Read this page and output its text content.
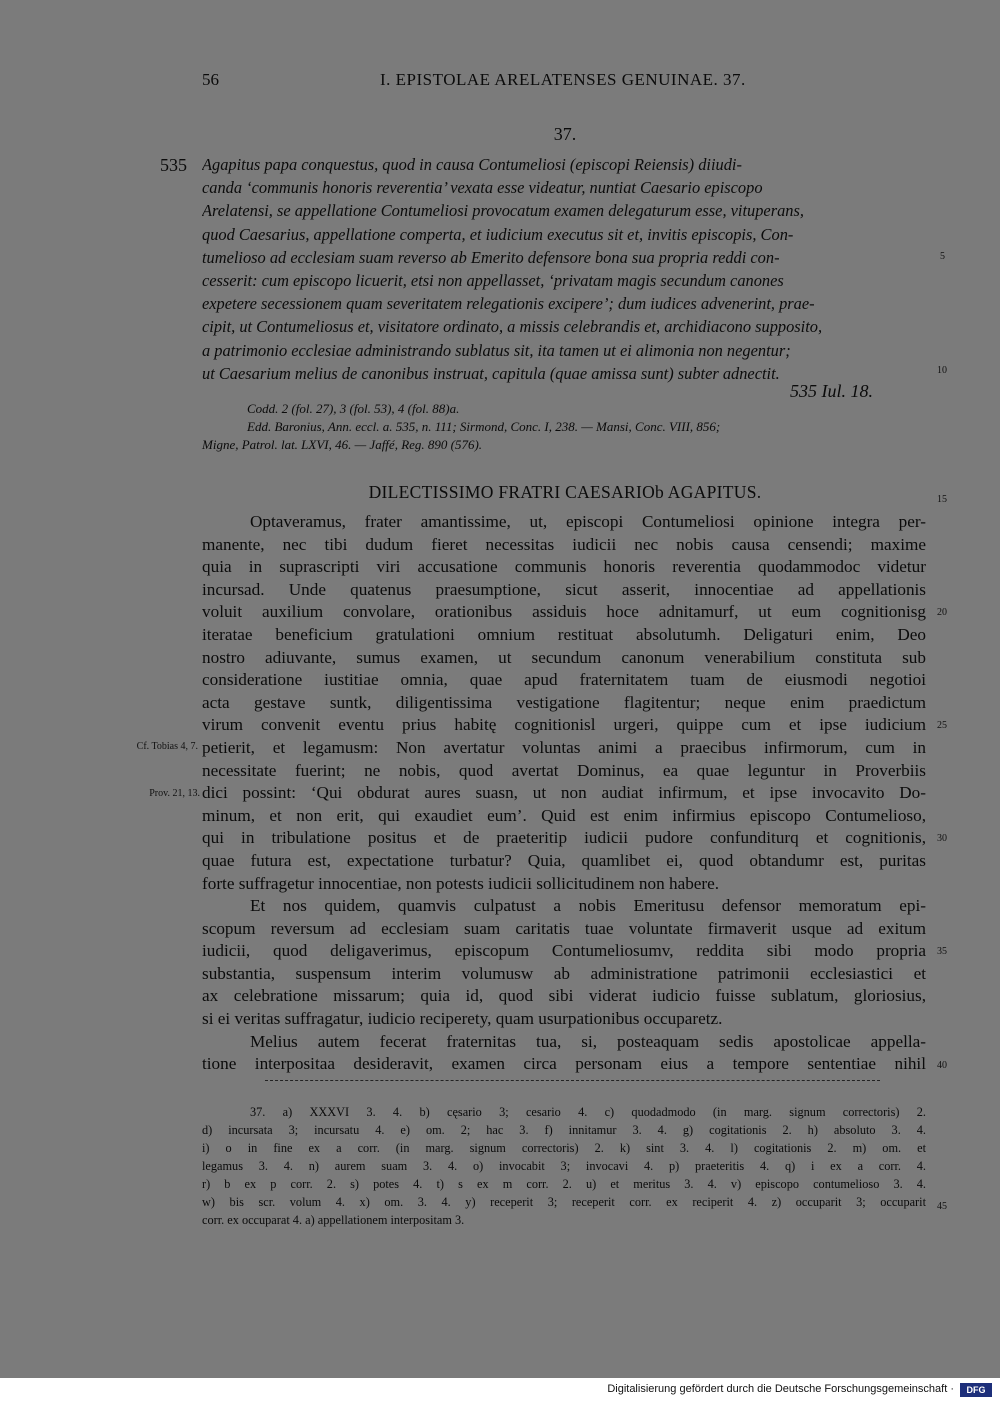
56	I. EPISTOLAE ARELATENSES GENUINAE. 37.
37.
535 Agapitus papa conquestus, quod in causa Contumeliosi (episcopi Reiensis) diiudi-
canda ‘communis honoris reverentia’ vexata esse videatur, nuntiat Caesario episcopo
Arelatensi, se appellatione Contumeliosi provocatum examen delegaturum esse, vituperans,
quod Caesarius, appellatione comperta, et iudicium executus sit et, invitis episcopis, Con-
tumelioso ad ecclesiam suam reverso ab Emerito defensore bona sua propria reddi con-
cesserit: cum episcopo licuerit, etsi non appellasset, ‘privatam magis secundum canones
expetere secessionem quam severitatem relegationis excipere’; dum iudices advenerint, prae-
cipit, ut Contumeliosus et, visitatore ordinato, a missis celebrandis et, archidiacono supposito,
a patrimonio ecclesiae administrando sublatus sit, ita tamen ut ei alimonia non negentur;
ut Caesarium melius de canonibus instruat, capitula (quae amissa sunt) subter adnectit.
535 Iul. 18.
Codd. 2 (fol. 27), 3 (fol. 53), 4 (fol. 88)a.
Edd. Baronius, Ann. eccl. a. 535, n. 111; Sirmond, Conc. I, 238. — Mansi, Conc. VIII, 856;
Migne, Patrol. lat. LXVI, 46. — Jaffé, Reg. 890 (576).
DILECTISSIMO FRATRI CAESARIOb AGAPITUS.
Optaveramus, frater amantissime, ut, episcopi Contumeliosi opinione integra per-
manente, nec tibi dudum fieret necessitas iudicii nec nobis causa censendi; maxime
quia in suprascripti viri accusatione communis honoris reverentia quodammodoc videtur
incursad. Unde quatenus praesumptione, sicut asserit, innocentiae ad appellationis
voluit auxilium convolare, orationibus assiduis hoce adnitamurf, ut eum cognitionisg
iteratae beneficium gratulationi omnium restituat absolutumh. Deligaturi enim, Deo
nostro adiuvante, sumus examen, ut secundum canonum venerabilium constituta sub
consideratione iustitiae omnia, quae apud fraternitatem tuam de eiusmodi negotioi
acta gestave suntk, diligentissima vestigatione flagitentur; neque enim praedictum
virum convenit eventu prius habitę cognitionisl urgeri, quippe cum et ipse iudicium
petierit, et legamusm: Non avertatur voluntas animi a praecibus infirmorum, cum in
necessitate fuerint; ne nobis, quod avertat Dominus, ea quae leguntur in Proverbiis
dici possint: ‘Qui obdurat aures suasn, ut non audiat infirmum, et ipse invocavito Do-
minum, et non erit, qui exaudiet eum’. Quid est enim infirmius episcopo Contumelioso,
qui in tribulatione positus et de praeteritip iudicii pudore confunditurq et cognitionis,
quae futura est, expectatione turbatur? Quia, quamlibet ei, quod obtandumr est, puritas
forte suffragetur innocentiae, non potests iudicii sollicitudinem non habere.
Et nos quidem, quamvis culpatust a nobis Emeritusu defensor memoratum epi-
scopum reversum ad ecclesiam suam caritatis tuae voluntate firmaverit usque ad exitum
iudicii, quod deligaverimus, episcopum Contumeliosumv, reddita sibi modo propria
substantia, suspensum interim volumusw ab administratione patrimonii ecclesiastici et
ax celebratione missarum; quia id, quod sibi viderat iudicio fuisse sublatum, gloriosius,
si ei veritas suffragatur, iudicio reciperety, quam usurpationibus occuparetz.
Melius autem fecerat fraternitas tua, si, posteaquam sedis apostolicae appella-
tione interpositaa desideravit, examen circa personam eius a tempore sententiae nihil
Cf. Tobias 4, 7.
Prov. 21, 13.
5
10
15
20
25
30
35
40
45
37. a) XXXVI 3. 4. b) cęsario 3; cesario 4. c) quodadmodo (in marg. signum correctoris) 2.
d) incursata 3; incursatu 4. e) om. 2; hac 3. f) innitamur 3. 4. g) cogitationis 2. h) absoluto 3. 4.
i) o in fine ex a corr. (in marg. signum correctoris) 2. k) sint 3. 4. l) cogitationis 2. m) om. et
legamus 3. 4. n) aurem suam 3. 4. o) invocabit 3; invocavi 4. p) praeteritis 4. q) i ex a corr. 4.
r) b ex p corr. 2. s) potes 4. t) s ex m corr. 2. u) et meritus 3. 4. v) episcopo contumelioso 3. 4.
w) bis scr. volum 4. x) om. 3. 4. y) receperit 3; receperit corr. ex reciperit 4. z) occuparit 3; occuparit
corr. ex occuparat 4. a) appellationem interpositam 3.
Digitalisierung gefördert durch die Deutsche Forschungsgemeinschaft ·	DFG
